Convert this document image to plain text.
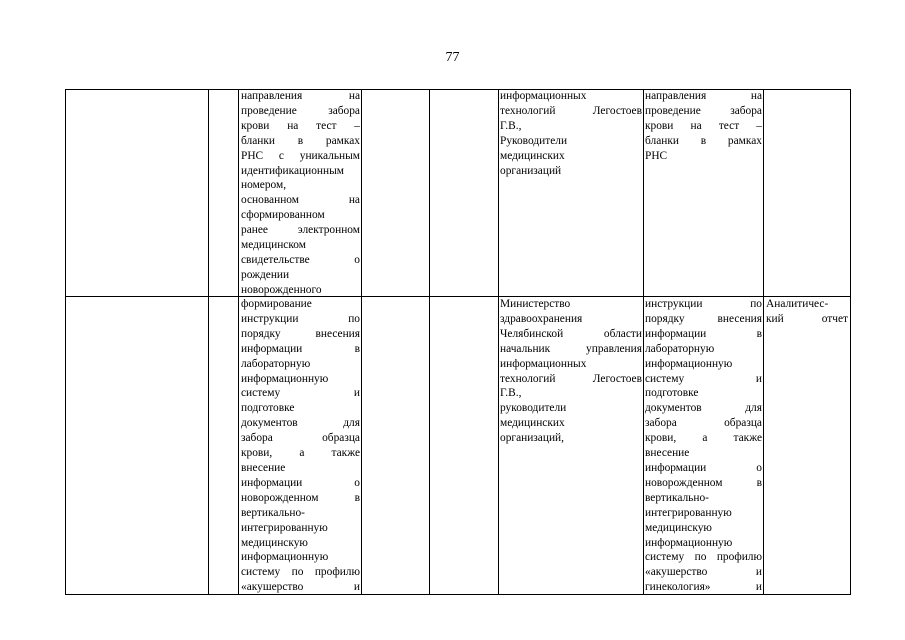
77
направления на
проведение забора
крови на тест –
бланки в рамках
РНС с уникальным
идентификационным
номером,
основанном на
сформированном
ранее электронном
медицинском
свидетельстве о
рождении
новорожденного
информационных
технологий Легостоев
Г.В.,
Руководители
медицинских
организаций
направления на
проведение забора
крови на тест –
бланки в рамках
РНС
формирование
инструкции по
порядку внесения
информации в
лабораторную
информационную
систему и
подготовке
документов для
забора образца
крови, а также
внесение
информации о
новорожденном в
вертикально-
интегрированную
медицинскую
информационную
систему по профилю
«акушерство и
Министерство
здравоохранения
Челябинской области
начальник управления
информационных
технологий Легостоев
Г.В.,
руководители
медицинских
организаций,
инструкции по
порядку внесения
информации в
лабораторную
информационную
систему и
подготовке
документов для
забора образца
крови, а также
внесение
информации о
новорожденном в
вертикально-
интегрированную
медицинскую
информационную
систему по профилю
«акушерство и
гинекология» и
Аналитичес-
кий отчет
